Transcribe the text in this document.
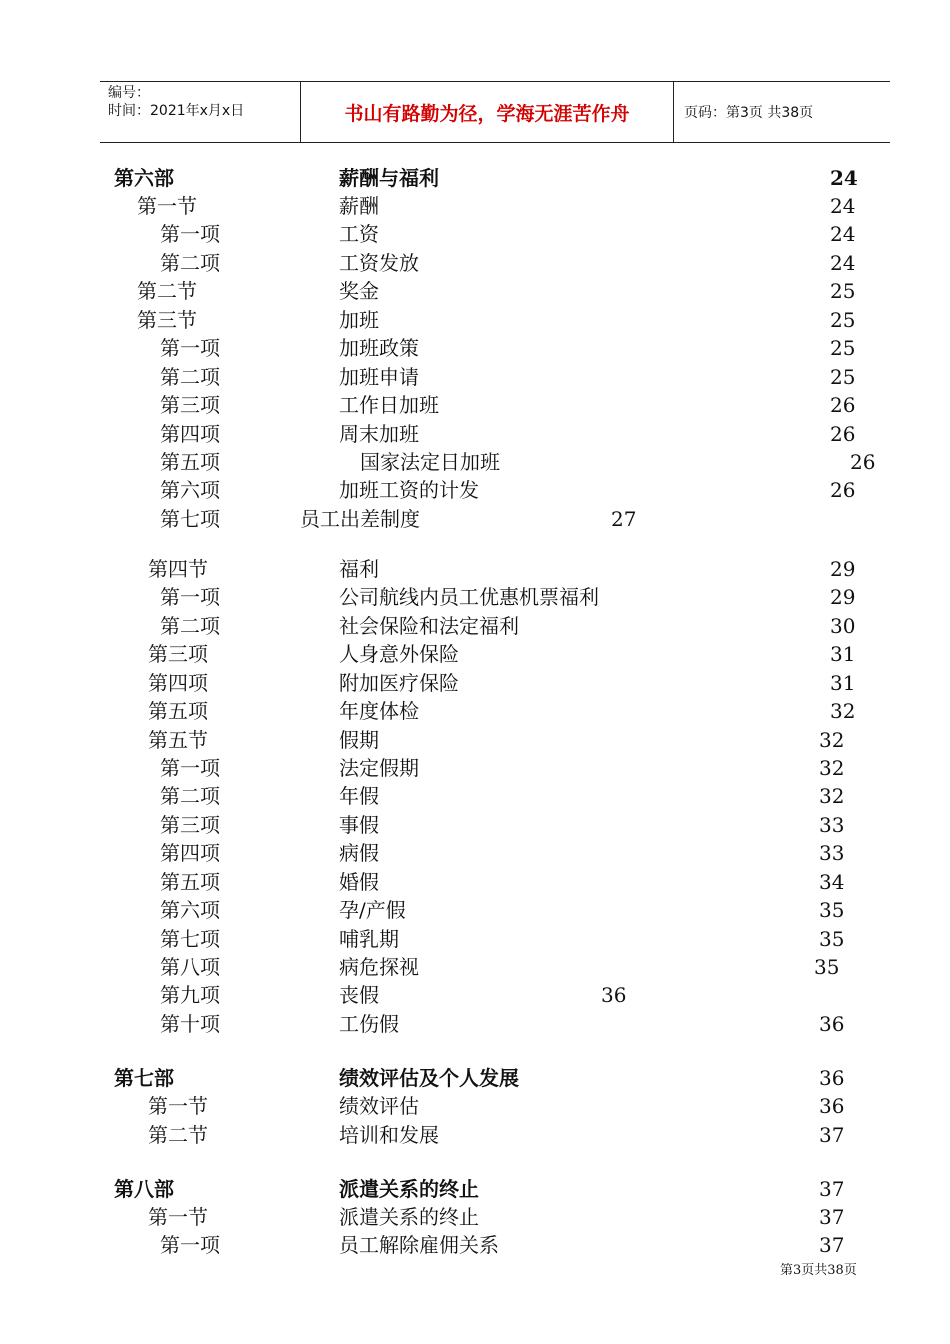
编号：
时间：2021年x月x日	书山有路勤为径，学海无涯苦作舟	页码：第3页 共38页
第六部	薪酬与福利	24
第一节	薪酬	24
第一项	工资	24
第二项	工资发放	24
第二节	奖金	25
第三节	加班	25
第一项	加班政策	25
第二项	加班申请	25
第三项	工作日加班	26
第四项	周末加班	26
第五项	国家法定日加班	26
第六项	加班工资的计发	26
第七项	员工出差制度	27
第四节	福利	29
第一项	公司航线内员工优惠机票福利	29
第二项	社会保险和法定福利	30
第三项	人身意外保险	31
第四项	附加医疗保险	31
第五项	年度体检	32
第五节	假期	32
第一项	法定假期	32
第二项	年假	32
第三项	事假	33
第四项	病假	33
第五项	婚假	34
第六项	孕/产假	35
第七项	哺乳期	35
第八项	病危探视	35
第九项	丧假	36
第十项	工伤假	36
第七部	绩效评估及个人发展	36
第一节	绩效评估	36
第二节	培训和发展	37
第八部	派遣关系的终止	37
第一节	派遣关系的终止	37
第一项	员工解除雇佣关系	37
第3页共38页
